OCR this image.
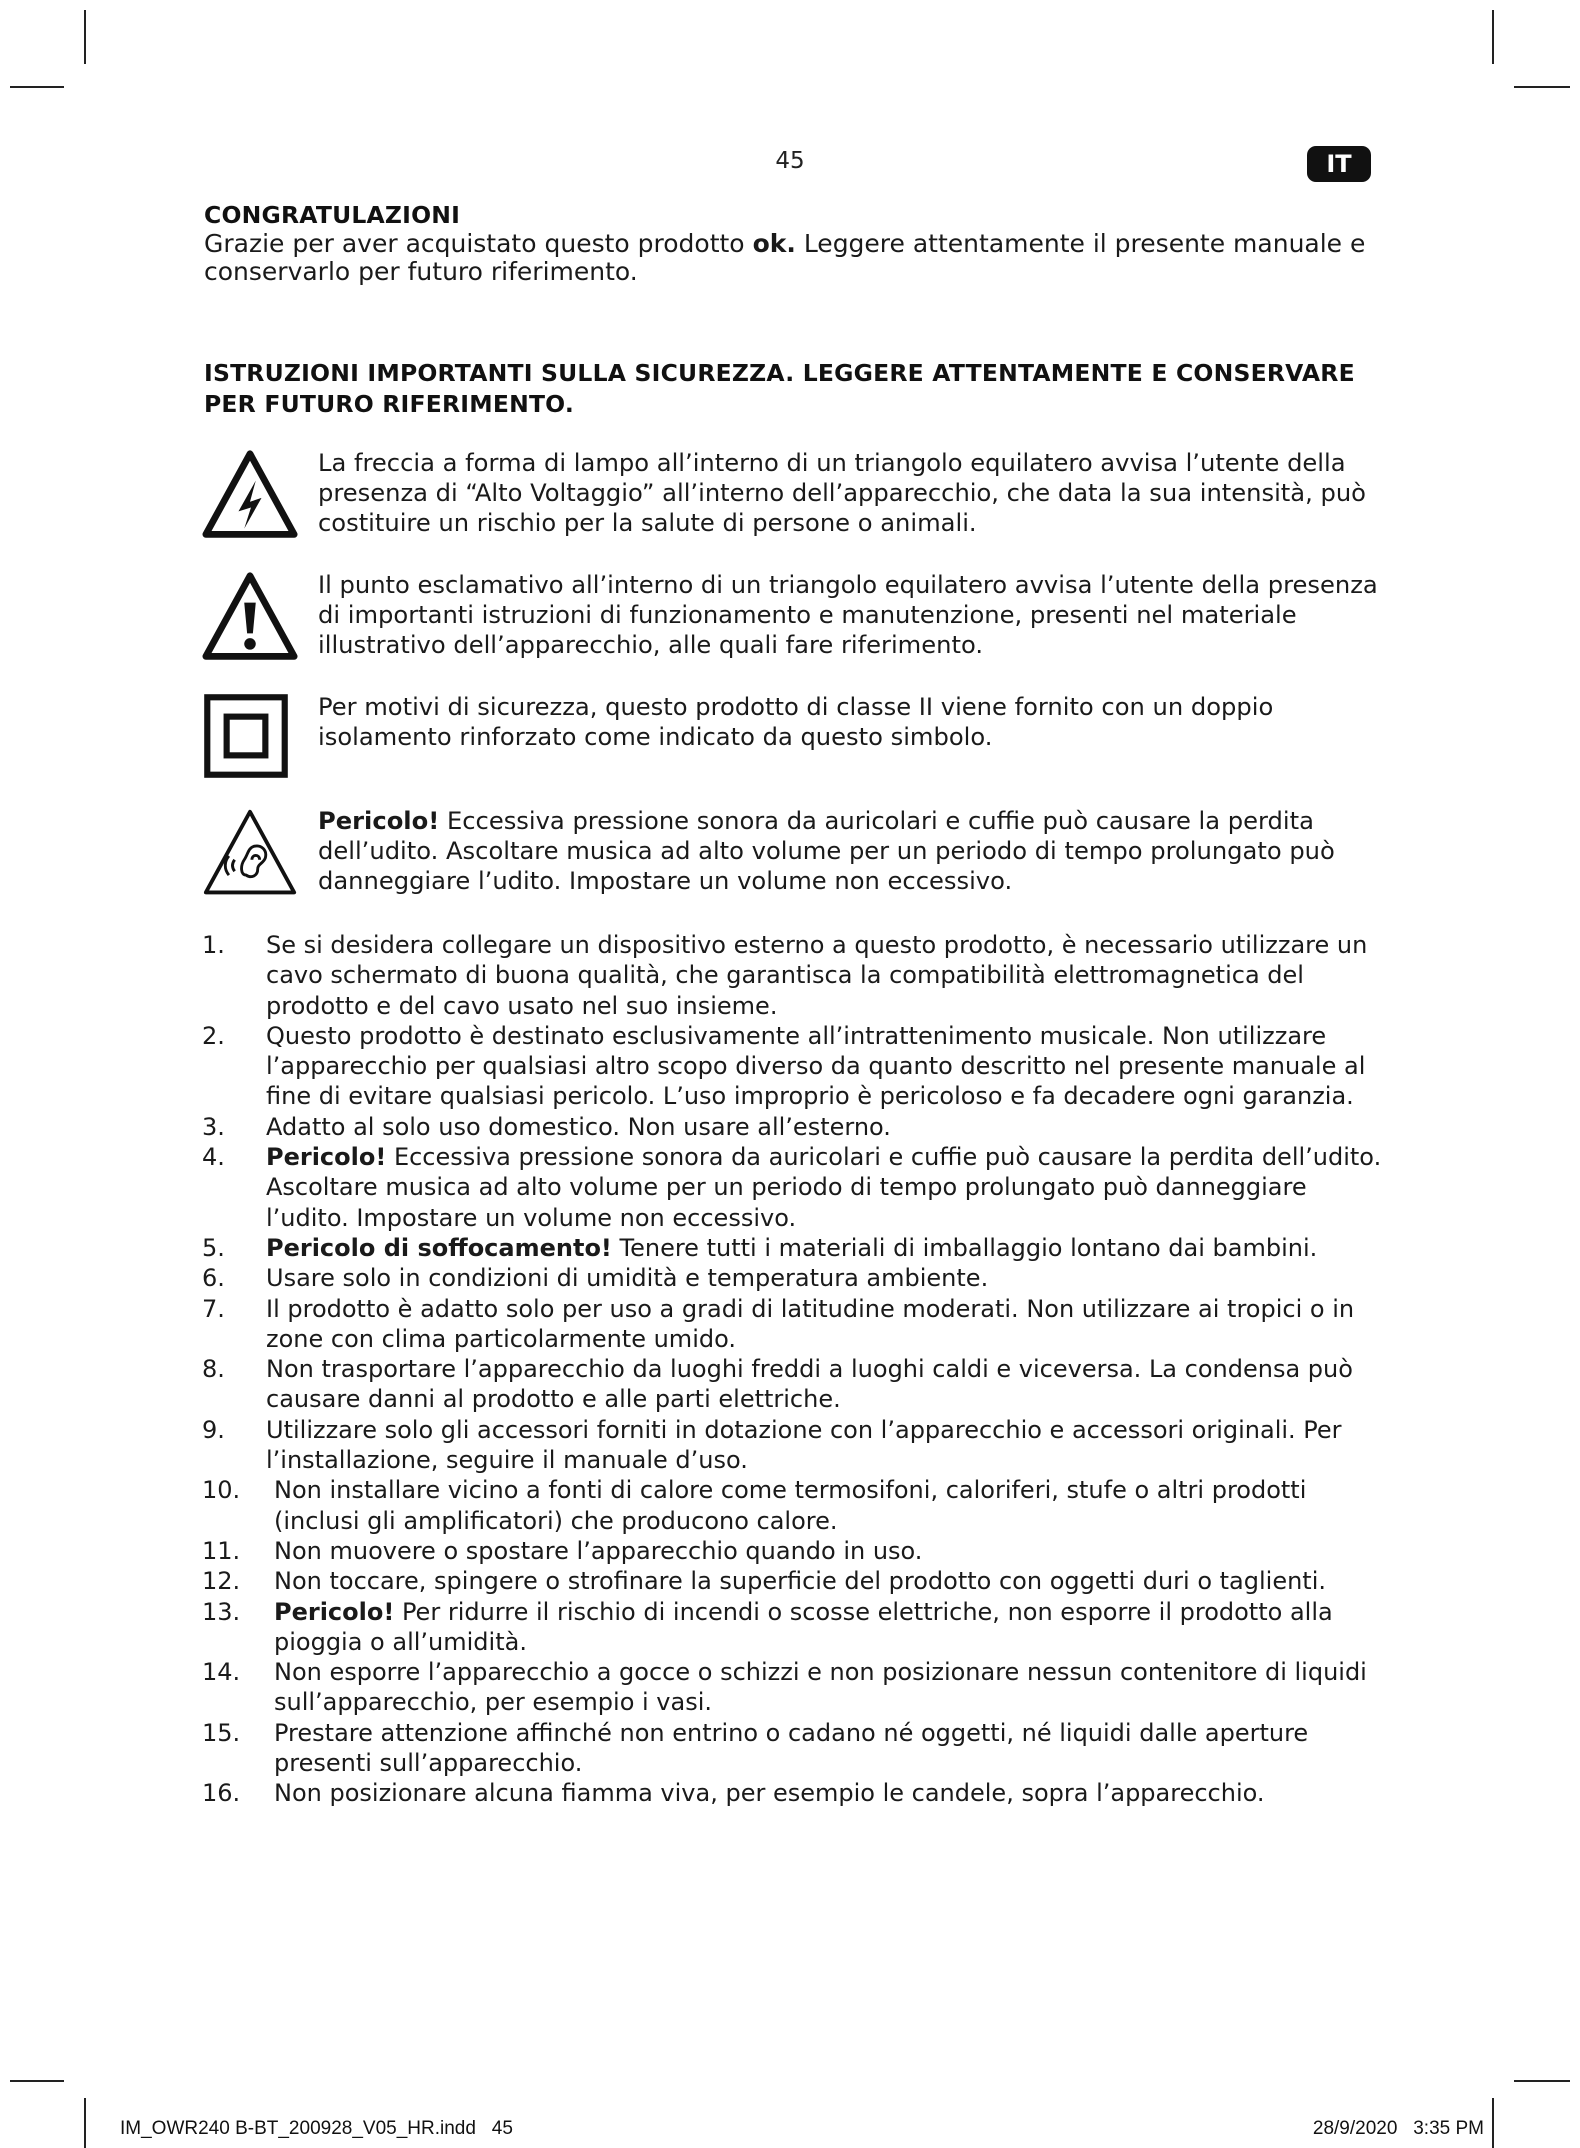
45	IT
CONGRATULAZIONI
Grazie per aver acquistato questo prodotto ok. Leggere attentamente il presente manuale e conservarlo per futuro riferimento.
ISTRUZIONI IMPORTANTI SULLA SICUREZZA. LEGGERE ATTENTAMENTE E CONSERVARE PER FUTURO RIFERIMENTO.
La freccia a forma di lampo all’interno di un triangolo equilatero avvisa l’utente della presenza di “Alto Voltaggio” all’interno dell’apparecchio, che data la sua intensità, può costituire un rischio per la salute di persone o animali.
Il punto esclamativo all’interno di un triangolo equilatero avvisa l’utente della presenza di importanti istruzioni di funzionamento e manutenzione, presenti nel materiale illustrativo dell’apparecchio, alle quali fare riferimento.
Per motivi di sicurezza, questo prodotto di classe II viene fornito con un doppio isolamento rinforzato come indicato da questo simbolo.
Pericolo! Eccessiva pressione sonora da auricolari e cuffie può causare la perdita dell’udito. Ascoltare musica ad alto volume per un periodo di tempo prolungato può danneggiare l’udito. Impostare un volume non eccessivo.
1.	Se si desidera collegare un dispositivo esterno a questo prodotto, è necessario utilizzare un cavo schermato di buona qualità, che garantisca la compatibilità elettromagnetica del prodotto e del cavo usato nel suo insieme.
2.	Questo prodotto è destinato esclusivamente all’intrattenimento musicale. Non utilizzare l’apparecchio per qualsiasi altro scopo diverso da quanto descritto nel presente manuale al fine di evitare qualsiasi pericolo. L’uso improprio è pericoloso e fa decadere ogni garanzia.
3.	Adatto al solo uso domestico. Non usare all’esterno.
4.	Pericolo! Eccessiva pressione sonora da auricolari e cuffie può causare la perdita dell’udito. Ascoltare musica ad alto volume per un periodo di tempo prolungato può danneggiare l’udito. Impostare un volume non eccessivo.
5.	Pericolo di soffocamento! Tenere tutti i materiali di imballaggio lontano dai bambini.
6.	Usare solo in condizioni di umidità e temperatura ambiente.
7.	Il prodotto è adatto solo per uso a gradi di latitudine moderati. Non utilizzare ai tropici o in zone con clima particolarmente umido.
8.	Non trasportare l’apparecchio da luoghi freddi a luoghi caldi e viceversa. La condensa può causare danni al prodotto e alle parti elettriche.
9.	Utilizzare solo gli accessori forniti in dotazione con l’apparecchio e accessori originali. Per l’installazione, seguire il manuale d’uso.
10.	Non installare vicino a fonti di calore come termosifoni, caloriferi, stufe o altri prodotti (inclusi gli amplificatori) che producono calore.
11.	Non muovere o spostare l’apparecchio quando in uso.
12.	Non toccare, spingere o strofinare la superficie del prodotto con oggetti duri o taglienti.
13.	Pericolo! Per ridurre il rischio di incendi o scosse elettriche, non esporre il prodotto alla pioggia o all’umidità.
14.	Non esporre l’apparecchio a gocce o schizzi e non posizionare nessun contenitore di liquidi sull’apparecchio, per esempio i vasi.
15.	Prestare attenzione affinché non entrino o cadano né oggetti, né liquidi dalle aperture presenti sull’apparecchio.
16.	Non posizionare alcuna fiamma viva, per esempio le candele, sopra l’apparecchio.
IM_OWR240 B-BT_200928_V05_HR.indd   45	28/9/2020   3:35 PM
